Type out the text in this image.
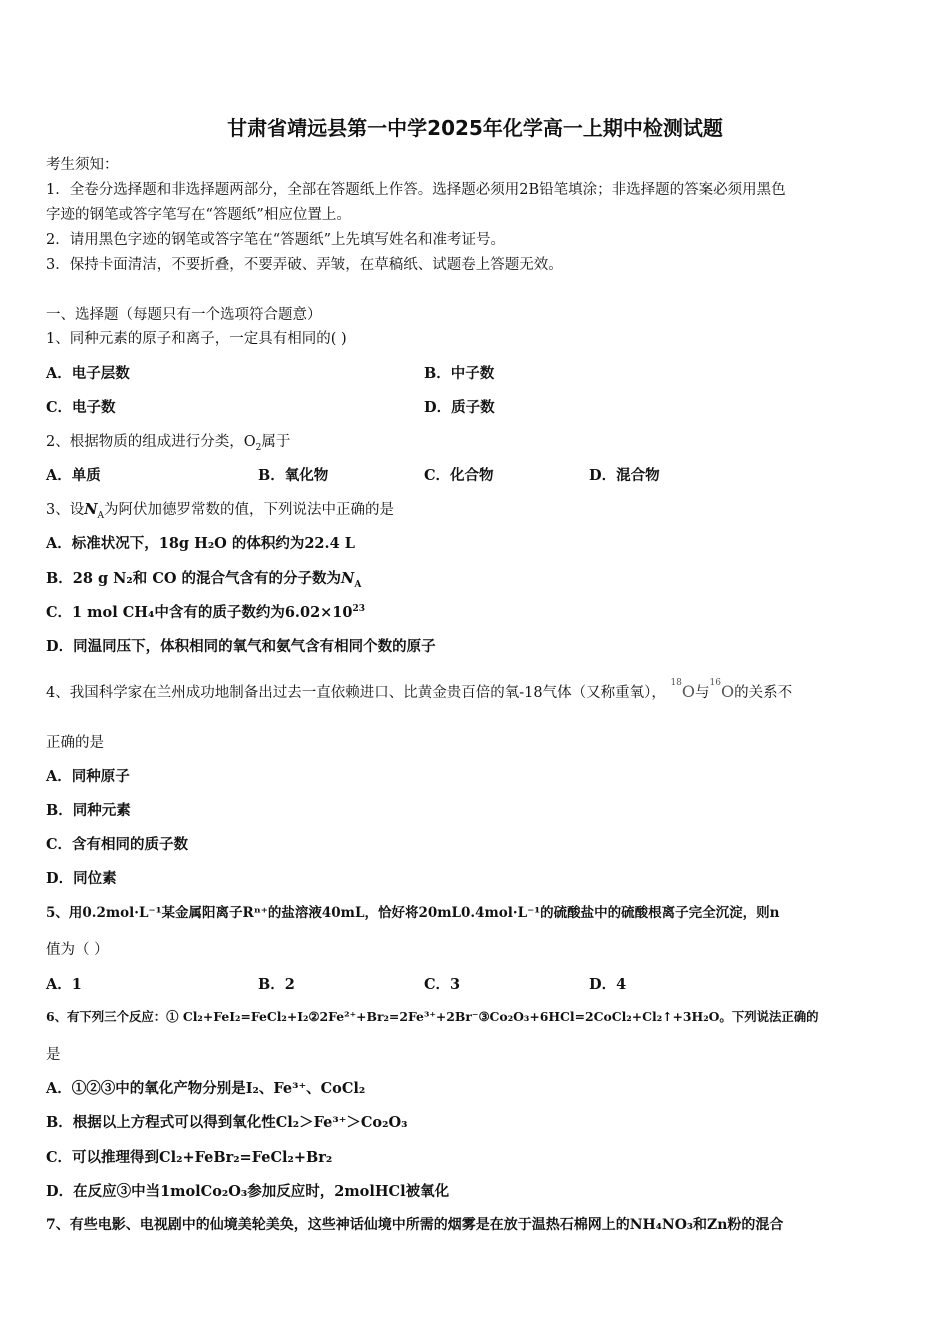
甘肃省靖远县第一中学2025年化学高一上期中检测试题
考生须知：
1．全卷分选择题和非选择题两部分，全部在答题纸上作答。选择题必须用2B铅笔填涂；非选择题的答案必须用黑色
字迹的钢笔或答字笔写在“答题纸”相应位置上。
2．请用黑色字迹的钢笔或答字笔在“答题纸”上先填写姓名和准考证号。
3．保持卡面清洁，不要折叠，不要弄破、弄皱，在草稿纸、试题卷上答题无效。
一、选择题（每题只有一个选项符合题意）
1、同种元素的原子和离子，一定具有相同的( )
A．电子层数	B．中子数
C．电子数	D．质子数
2、根据物质的组成进行分类，$O_2$属于
A．单质	B．氧化物	C．化合物	D．混合物
3、设$N_A$为阿伏加德罗常数的值，下列说法中正确的是
A．标准状况下，18g H₂O 的体积约为22.4 L
B．28 g N₂和 CO 的混合气含有的分子数为$N_A$
C．1 mol CH₄中含有的质子数约为$6.02\times 10^{23}$
D．同温同压下，体积相同的氧气和氨气含有相同个数的原子
4、我国科学家在兰州成功地制备出过去一直依赖进口、比黄金贵百倍的氧-18气体（又称重氧）， $^{18}$O与$^{16}$O的关系不
正确的是
A．同种原子
B．同种元素
C．含有相同的质子数
D．同位素
5、用0.2mol·L⁻¹某金属阳离子Rⁿ⁺的盐溶液40mL，恰好将20mL0.4mol·L⁻¹的硫酸盐中的硫酸根离子完全沉淀，则n
值为（ ）
A．1	B．2	C．3	D．4
6、有下列三个反应：① Cl₂+FeI₂=FeCl₂+I₂②2Fe²⁺+Br₂=2Fe³⁺+2Br⁻③Co₂O₃+6HCl=2CoCl₂+Cl₂↑+3H₂O。下列说法正确的
是
A．①②③中的氧化产物分别是I₂、Fe³⁺、CoCl₂
B．根据以上方程式可以得到氧化性Cl₂＞Fe³⁺＞Co₂O₃
C．可以推理得到Cl₂+FeBr₂=FeCl₂+Br₂
D．在反应③中当1molCo₂O₃参加反应时，2molHCl被氧化
7、有些电影、电视剧中的仙境美轮美奂，这些神话仙境中所需的烟雾是在放于温热石棉网上的NH₄NO₃和Zn粉的混合
